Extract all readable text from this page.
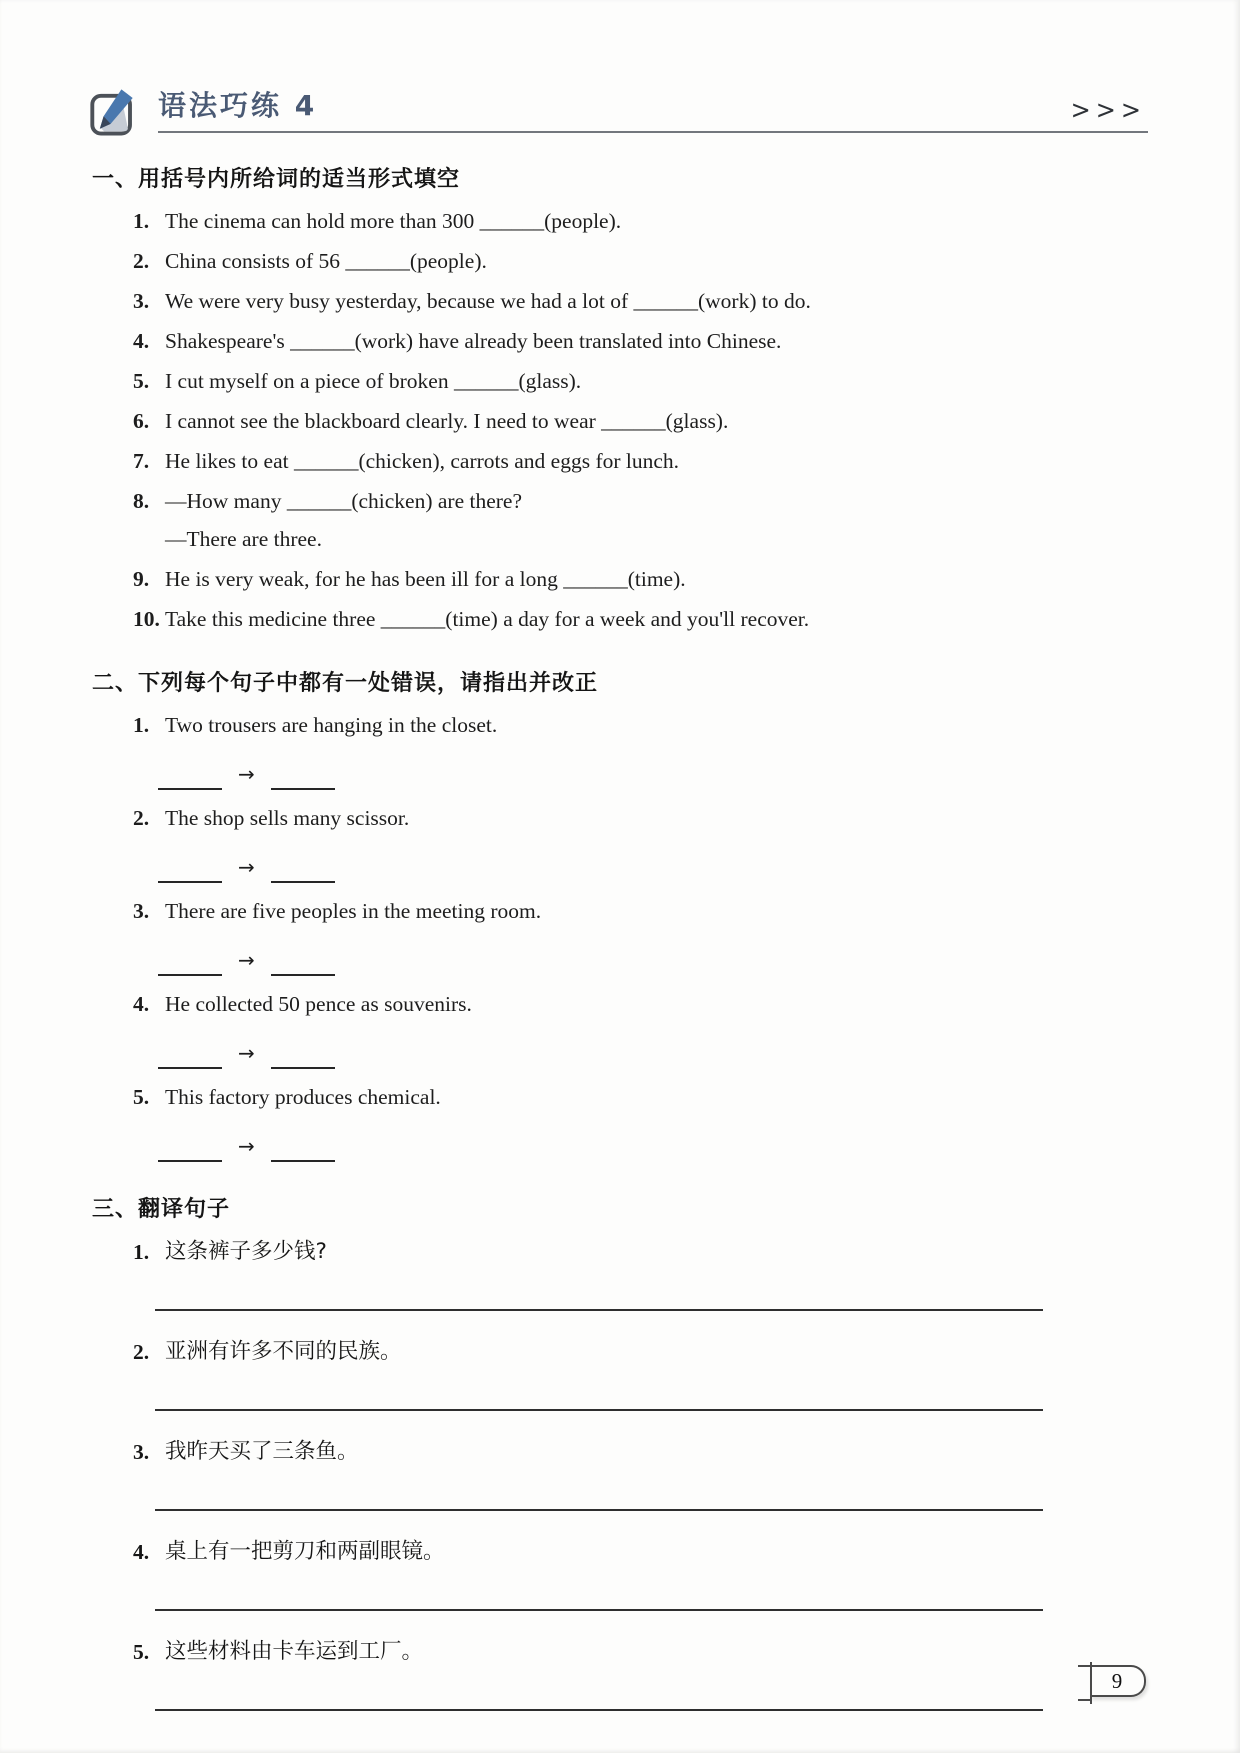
语法巧练 4	>>>
一、用括号内所给词的适当形式填空
1. The cinema can hold more than 300 ______(people).
2. China consists of 56 ______(people).
3. We were very busy yesterday, because we had a lot of ______(work) to do.
4. Shakespeare's ______(work) have already been translated into Chinese.
5. I cut myself on a piece of broken ______(glass).
6. I cannot see the blackboard clearly. I need to wear ______(glass).
7. He likes to eat ______(chicken), carrots and eggs for lunch.
8. —How many ______(chicken) are there?
—There are three.
9. He is very weak, for he has been ill for a long ______(time).
10. Take this medicine three ______(time) a day for a week and you'll recover.
二、下列每个句子中都有一处错误，请指出并改正
1. Two trousers are hanging in the closet.
→
2. The shop sells many scissor.
→
3. There are five peoples in the meeting room.
→
4. He collected 50 pence as souvenirs.
→
5. This factory produces chemical.
→
三、翻译句子
1. 这条裤子多少钱?
2. 亚洲有许多不同的民族。
3. 我昨天买了三条鱼。
4. 桌上有一把剪刀和两副眼镜。
5. 这些材料由卡车运到工厂。
9
